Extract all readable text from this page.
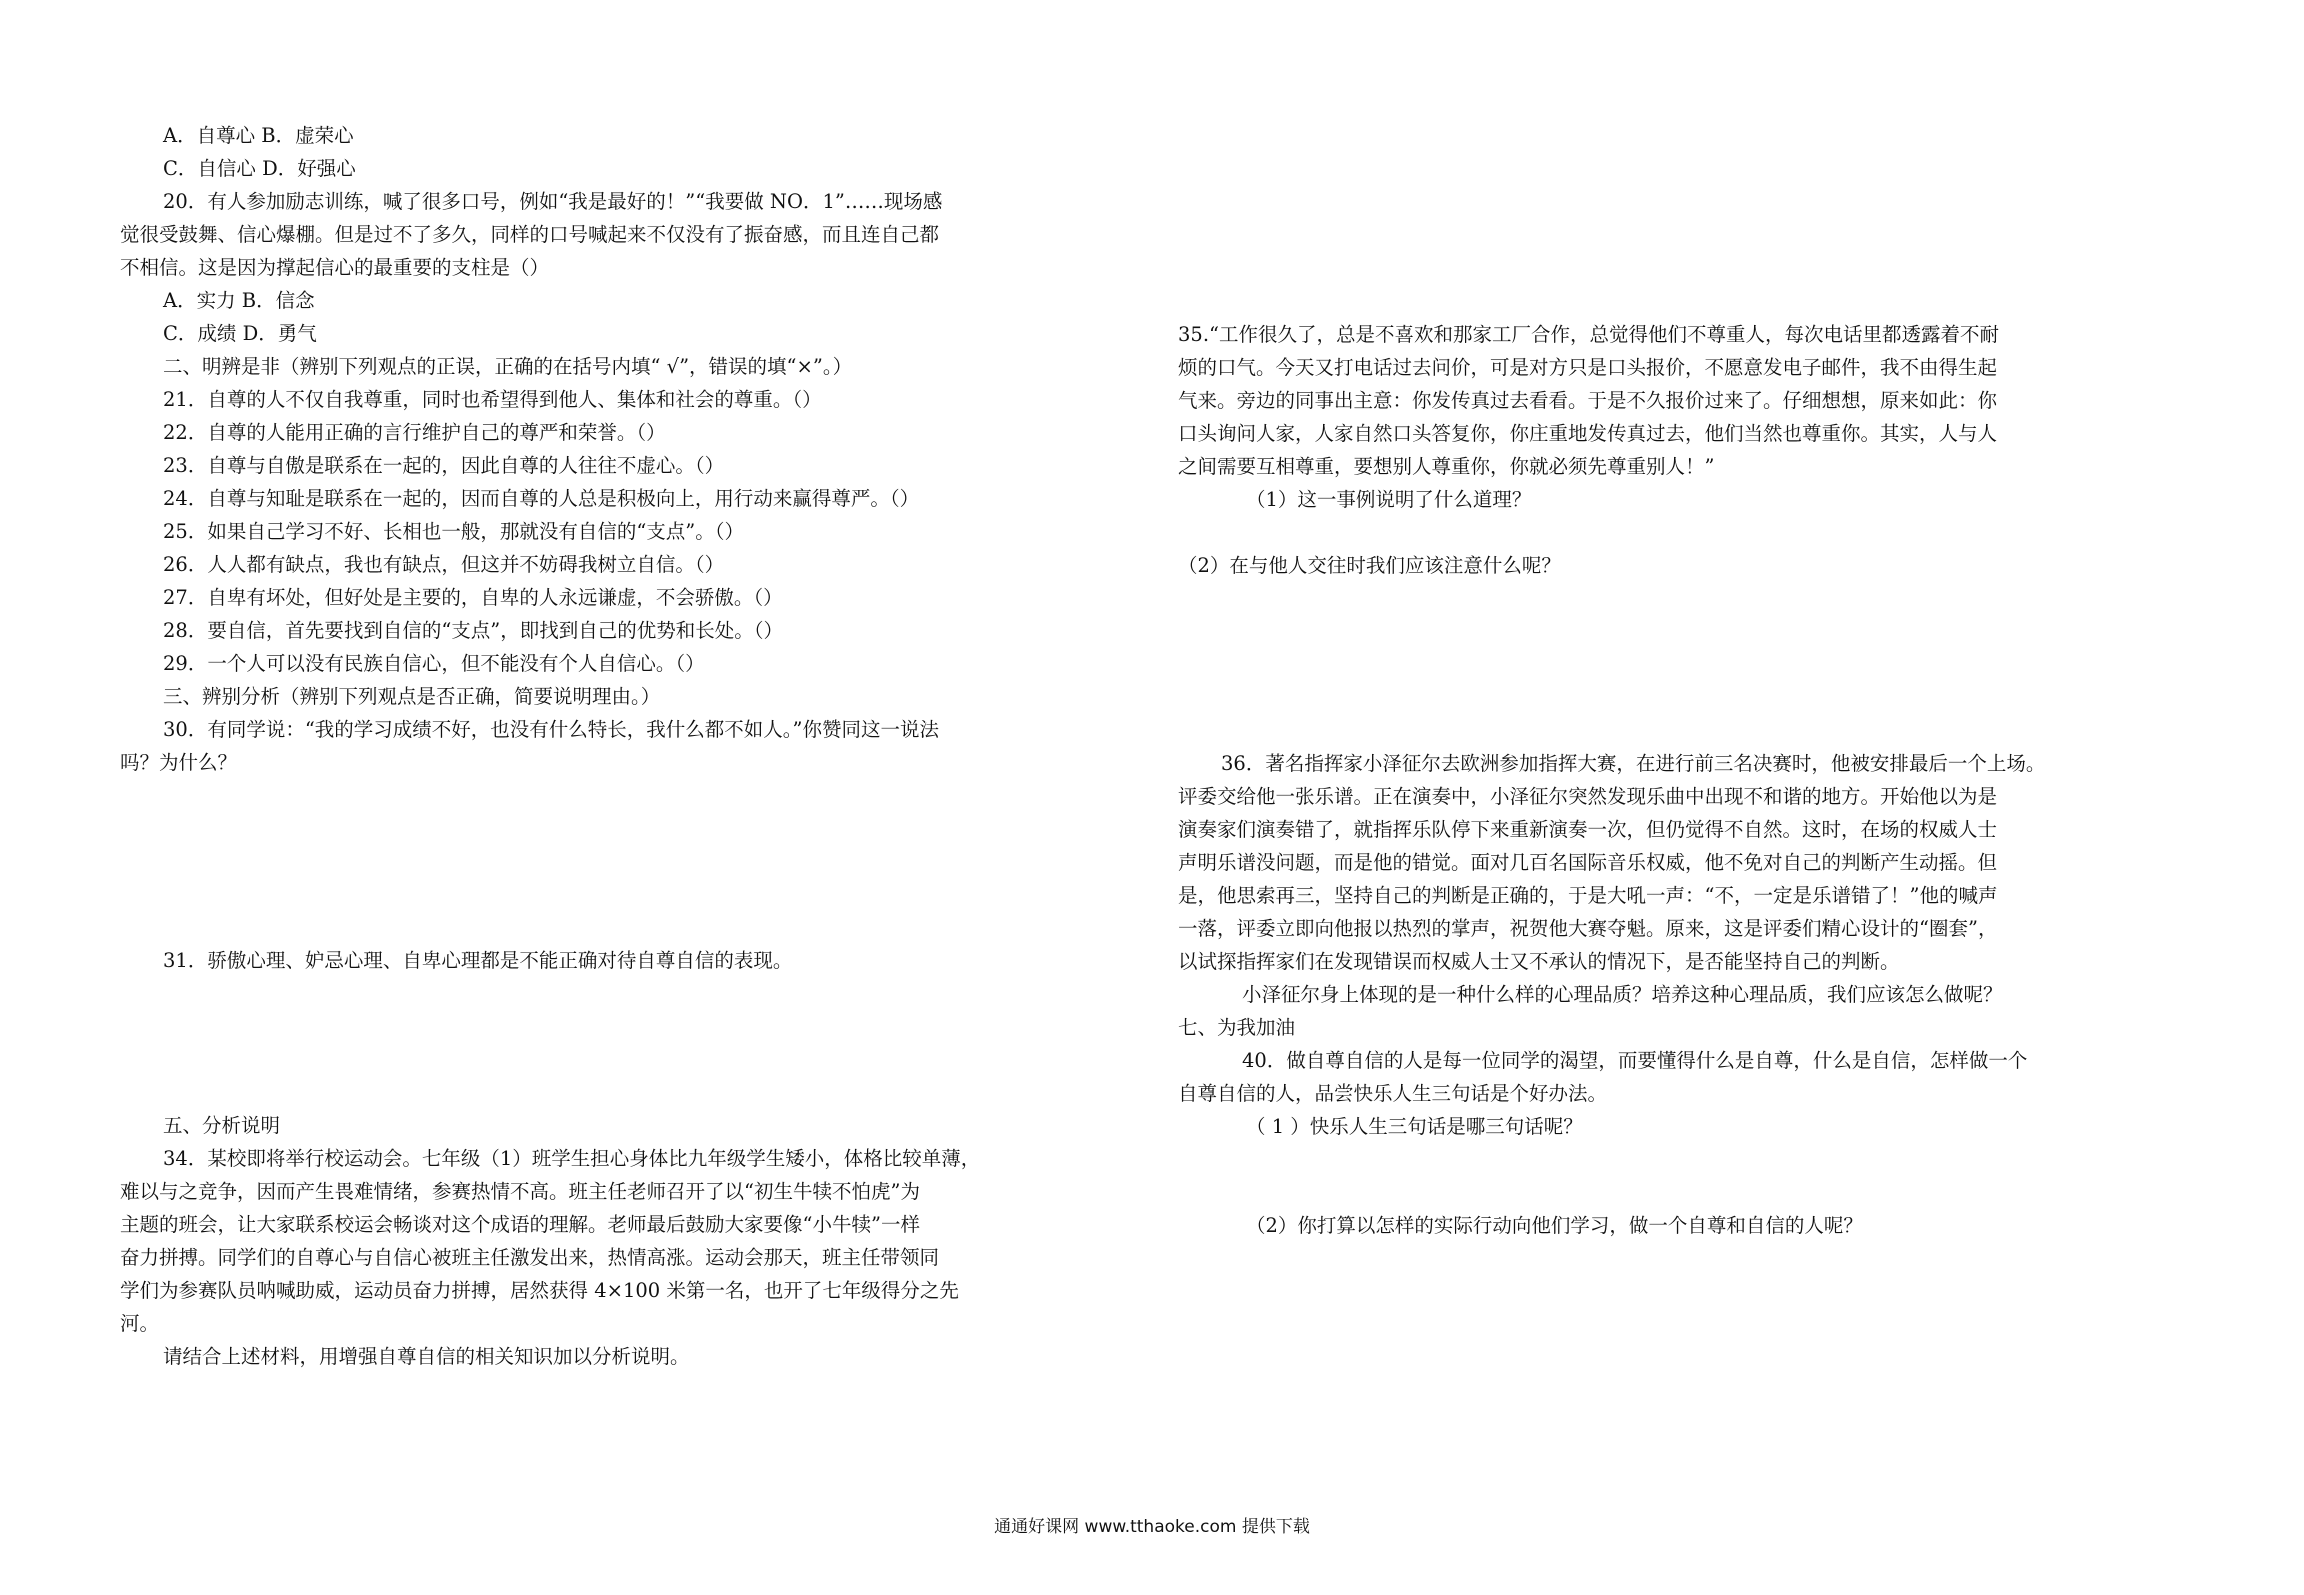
A．自尊心 B．虚荣心
C．自信心 D．好强心
20．有人参加励志训练，喊了很多口号，例如“我是最好的！”“我要做 NO．1”……现场感
觉很受鼓舞、信心爆棚。但是过不了多久，同样的口号喊起来不仅没有了振奋感，而且连自己都
不相信。这是因为撑起信心的最重要的支柱是（）
A．实力 B．信念
C．成绩 D．勇气
二、明辨是非（辨别下列观点的正误，正确的在括号内填“ √”，错误的填“×”。）
21．自尊的人不仅自我尊重，同时也希望得到他人、集体和社会的尊重。（）
22．自尊的人能用正确的言行维护自己的尊严和荣誉。（）
23．自尊与自傲是联系在一起的，因此自尊的人往往不虚心。（）
24．自尊与知耻是联系在一起的，因而自尊的人总是积极向上，用行动来赢得尊严。（）
25．如果自己学习不好、长相也一般，那就没有自信的“支点”。（）
26．人人都有缺点，我也有缺点，但这并不妨碍我树立自信。（）
27．自卑有坏处，但好处是主要的，自卑的人永远谦虚，不会骄傲。（）
28．要自信，首先要找到自信的“支点”，即找到自己的优势和长处。（）
29．一个人可以没有民族自信心，但不能没有个人自信心。（）
三、辨别分析（辨别下列观点是否正确，简要说明理由。）
30．有同学说：“我的学习成绩不好，也没有什么特长，我什么都不如人。”你赞同这一说法
吗？为什么？

31．骄傲心理、妒忌心理、自卑心理都是不能正确对待自尊自信的表现。

五、分析说明
34．某校即将举行校运动会。七年级（1）班学生担心身体比九年级学生矮小，体格比较单薄，
难以与之竞争，因而产生畏难情绪，参赛热情不高。班主任老师召开了以“初生牛犊不怕虎”为
主题的班会，让大家联系校运会畅谈对这个成语的理解。老师最后鼓励大家要像“小牛犊”一样
奋力拼搏。同学们的自尊心与自信心被班主任激发出来，热情高涨。运动会那天，班主任带领同
学们为参赛队员呐喊助威，运动员奋力拼搏，居然获得 4×100 米第一名，也开了七年级得分之先
河。
请结合上述材料，用增强自尊自信的相关知识加以分析说明。
35.“工作很久了，总是不喜欢和那家工厂合作，总觉得他们不尊重人，每次电话里都透露着不耐
烦的口气。今天又打电话过去问价，可是对方只是口头报价，不愿意发电子邮件，我不由得生起
气来。旁边的同事出主意：你发传真过去看看。于是不久报价过来了。仔细想想，原来如此：你
口头询问人家，人家自然口头答复你，你庄重地发传真过去，他们当然也尊重你。其实，人与人
之间需要互相尊重，要想别人尊重你，你就必须先尊重别人！”
（1）这一事例说明了什么道理？

（2）在与他人交往时我们应该注意什么呢？

36．著名指挥家小泽征尔去欧洲参加指挥大赛，在进行前三名决赛时，他被安排最后一个上场。
评委交给他一张乐谱。正在演奏中，小泽征尔突然发现乐曲中出现不和谐的地方。开始他以为是
演奏家们演奏错了，就指挥乐队停下来重新演奏一次，但仍觉得不自然。这时，在场的权威人士
声明乐谱没问题，而是他的错觉。面对几百名国际音乐权威，他不免对自己的判断产生动摇。但
是，他思索再三，坚持自己的判断是正确的，于是大吼一声：“不，一定是乐谱错了！”他的喊声
一落，评委立即向他报以热烈的掌声，祝贺他大赛夺魁。原来，这是评委们精心设计的“圈套”，
以试探指挥家们在发现错误而权威人士又不承认的情况下，是否能坚持自己的判断。
小泽征尔身上体现的是一种什么样的心理品质？培养这种心理品质，我们应该怎么做呢？
七、为我加油
40．做自尊自信的人是每一位同学的渴望，而要懂得什么是自尊，什么是自信，怎样做一个
自尊自信的人，品尝快乐人生三句话是个好办法。
（ 1 ）快乐人生三句话是哪三句话呢？

（2）你打算以怎样的实际行动向他们学习，做一个自尊和自信的人呢？
通通好课网 www.tthaoke.com 提供下载
